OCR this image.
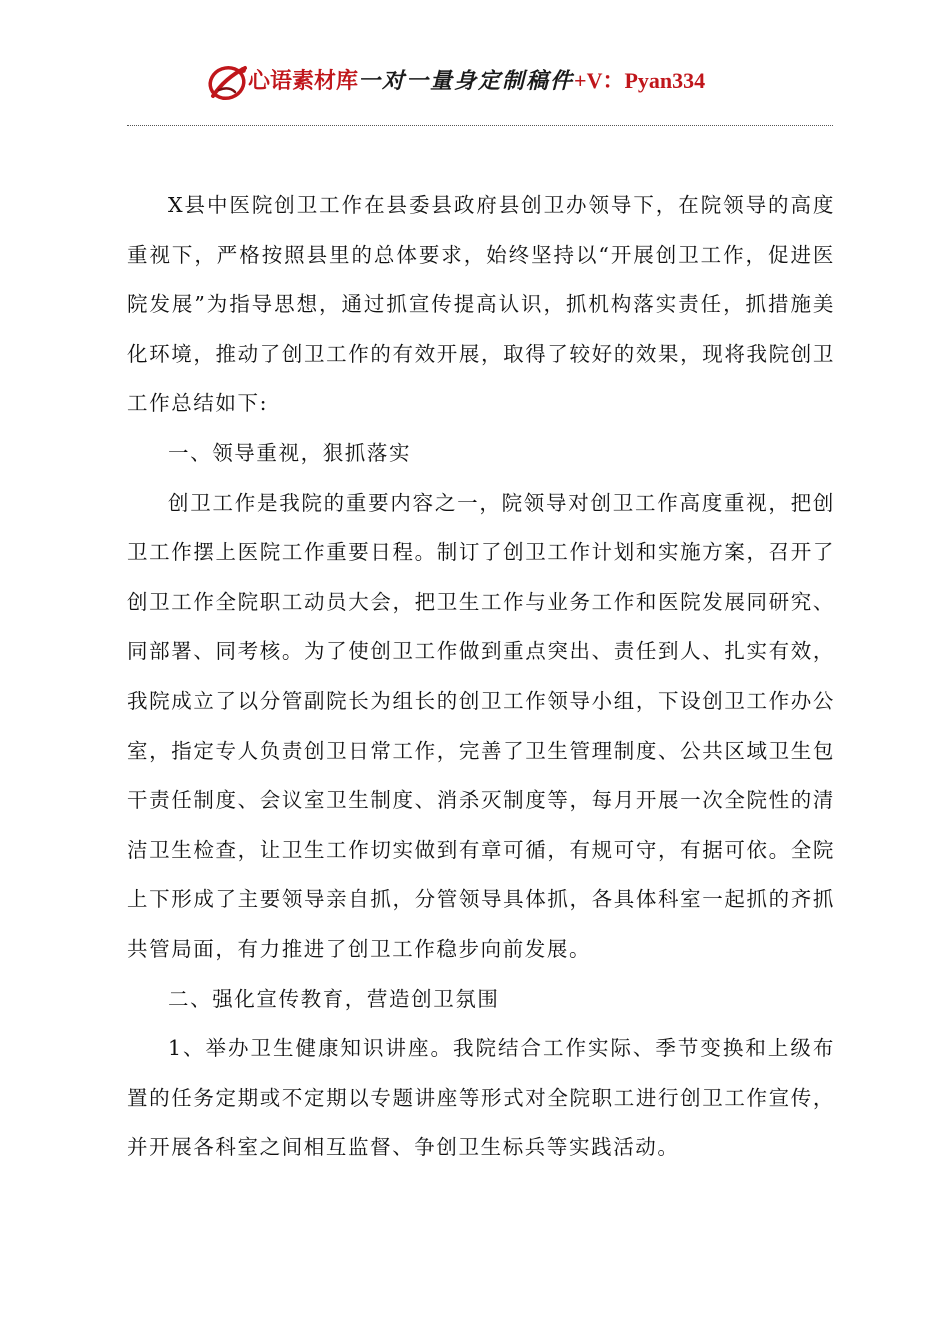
心语素材库一对一量身定制稿件+V：Pyan334

X县中医院创卫工作在县委县政府县创卫办领导下，在院领导的高度重视下，严格按照县里的总体要求，始终坚持以“开展创卫工作，促进医院发展”为指导思想，通过抓宣传提高认识，抓机构落实责任，抓措施美化环境，推动了创卫工作的有效开展，取得了较好的效果，现将我院创卫工作总结如下:

一、领导重视，狠抓落实

创卫工作是我院的重要内容之一，院领导对创卫工作高度重视，把创卫工作摆上医院工作重要日程。制订了创卫工作计划和实施方案，召开了创卫工作全院职工动员大会，把卫生工作与业务工作和医院发展同研究、同部署、同考核。为了使创卫工作做到重点突出、责任到人、扎实有效，我院成立了以分管副院长为组长的创卫工作领导小组，下设创卫工作办公室，指定专人负责创卫日常工作，完善了卫生管理制度、公共区域卫生包干责任制度、会议室卫生制度、消杀灭制度等，每月开展一次全院性的清洁卫生检查，让卫生工作切实做到有章可循，有规可守，有据可依。全院上下形成了主要领导亲自抓，分管领导具体抓，各具体科室一起抓的齐抓共管局面，有力推进了创卫工作稳步向前发展。

二、强化宣传教育，营造创卫氛围

1、举办卫生健康知识讲座。我院结合工作实际、季节变换和上级布置的任务定期或不定期以专题讲座等形式对全院职工进行创卫工作宣传，并开展各科室之间相互监督、争创卫生标兵等实践活动。
